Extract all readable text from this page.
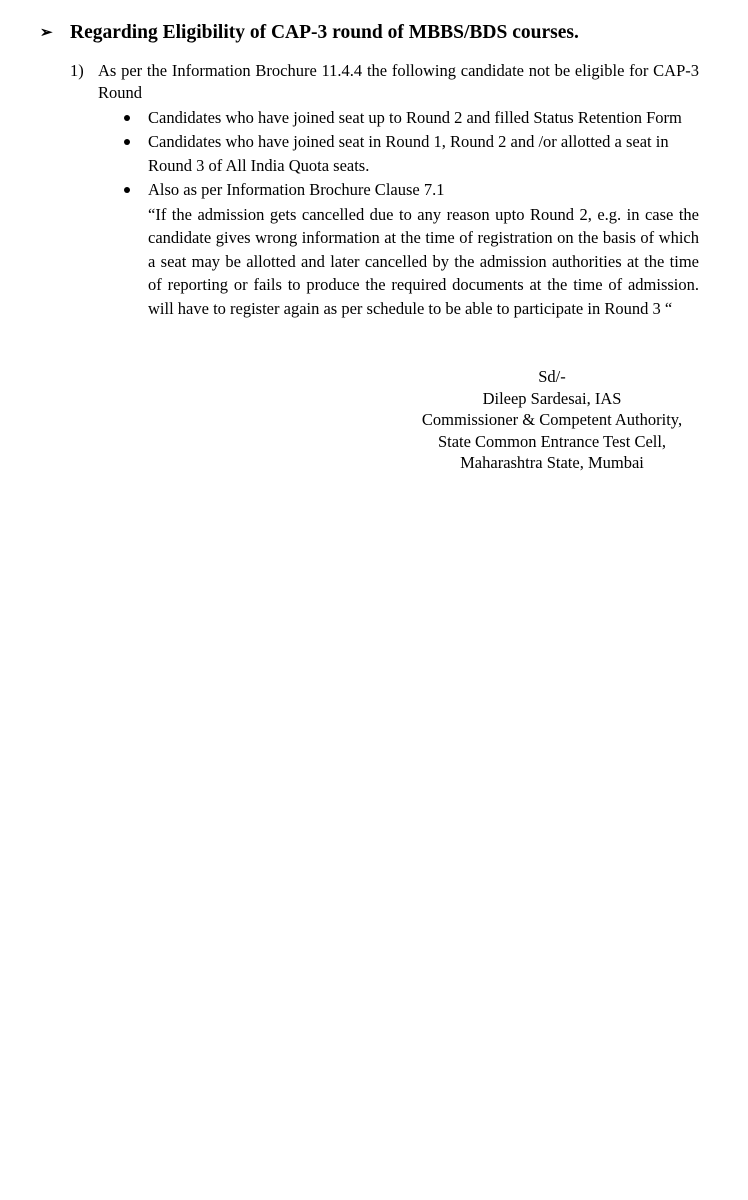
➢ Regarding Eligibility of CAP-3 round of MBBS/BDS courses.
1) As per the Information Brochure 11.4.4 the following candidate not be eligible for CAP-3 Round
Candidates who have joined seat up to Round 2 and filled Status Retention Form
Candidates who have joined seat in Round 1, Round 2 and /or allotted a seat in Round 3 of All India Quota seats.
Also as per Information Brochure Clause 7.1
“If the admission gets cancelled due to any reason upto Round 2, e.g. in case the candidate gives wrong information at the time of registration on the basis of which a seat may be allotted and later cancelled by the admission authorities at the time of reporting or fails to produce the required documents at the time of admission. will have to register again as per schedule to be able to participate in Round 3 “
Sd/-
Dileep Sardesai, IAS
Commissioner & Competent Authority,
State Common Entrance Test Cell,
Maharashtra State, Mumbai
